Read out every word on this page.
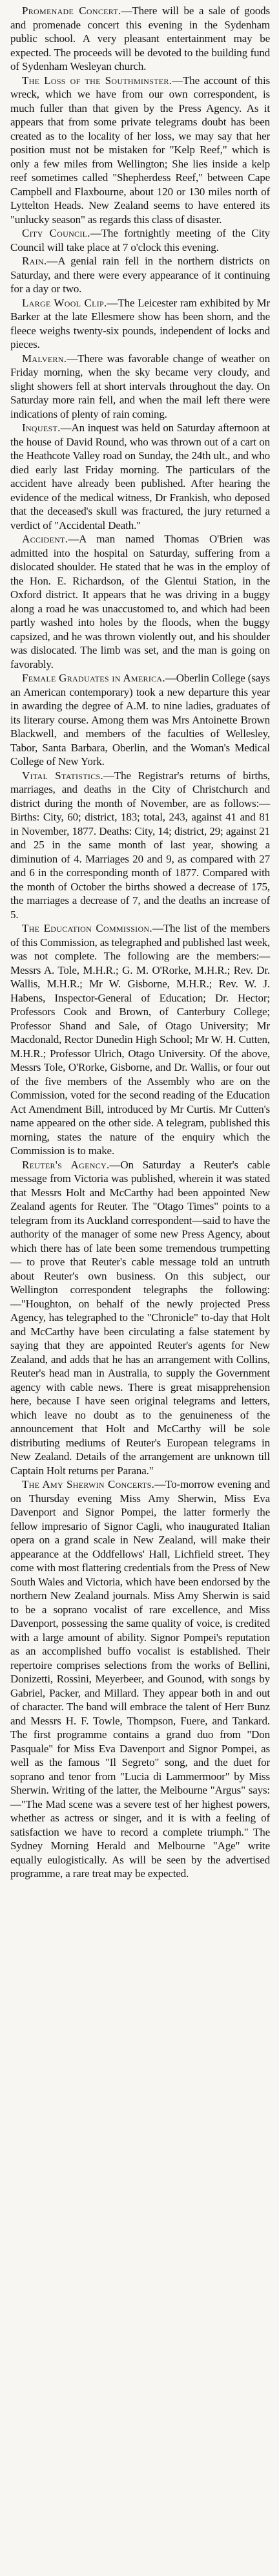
Promenade Concert.—There will be a sale of goods and promenade concert this evening in the Sydenham public school. A very pleasant entertainment may be expected. The proceeds will be devoted to the building fund of Sydenham Wesleyan church.

The Loss of the Southminster.—The account of this wreck, which we have from our own correspondent, is much fuller than that given by the Press Agency. As it appears that from some private telegrams doubt has been created as to the locality of her loss, we may say that her position must not be mistaken for "Kelp Reef," which is only a few miles from Wellington; She lies inside a kelp reef sometimes called "Shepherdess Reef," between Cape Campbell and Flaxbourne, about 120 or 130 miles north of Lyttelton Heads. New Zealand seems to have entered its "unlucky season" as regards this class of disaster.

City Council.—The fortnightly meeting of the City Council will take place at 7 o'clock this evening.

Rain.—A genial rain fell in the northern districts on Saturday, and there were every appearance of it continuing for a day or two.

Large Wool Clip.—The Leicester ram exhibited by Mr Barker at the late Ellesmere show has been shorn, and the fleece weighs twenty-six pounds, independent of locks and pieces.

Malvern.—There was favorable change of weather on Friday morning, when the sky became very cloudy, and slight showers fell at short intervals throughout the day. On Saturday more rain fell, and when the mail left there were indications of plenty of rain coming.

Inquest.—An inquest was held on Saturday afternoon at the house of David Round, who was thrown out of a cart on the Heathcote Valley road on Sunday, the 24th ult., and who died early last Friday morning. The particulars of the accident have already been published. After hearing the evidence of the medical witness, Dr Frankish, who deposed that the deceased's skull was fractured, the jury returned a verdict of "Accidental Death."

Accident.—A man named Thomas O'Brien was admitted into the hospital on Saturday, suffering from a dislocated shoulder. He stated that he was in the employ of the Hon. E. Richardson, of the Glentui Station, in the Oxford district. It appears that he was driving in a buggy along a road he was unaccustomed to, and which had been partly washed into holes by the floods, when the buggy capsized, and he was thrown violently out, and his shoulder was dislocated. The limb was set, and the man is going on favorably.

Female Graduates in America.—Oberlin College (says an American contemporary) took a new departure this year in awarding the degree of A.M. to nine ladies, graduates of its literary course. Among them was Mrs Antoinette Brown Blackwell, and members of the faculties of Wellesley, Tabor, Santa Barbara, Oberlin, and the Woman's Medical College of New York.

Vital Statistics.—The Registrar's returns of births, marriages, and deaths in the City of Christchurch and district during the month of November, are as follows:—Births: City, 60; district, 183; total, 243, against 41 and 81 in November, 1877. Deaths: City, 14; district, 29; against 21 and 25 in the same month of last year, showing a diminution of 4. Marriages 20 and 9, as compared with 27 and 6 in the corresponding month of 1877. Compared with the month of October the births showed a decrease of 175, the marriages a decrease of 7, and the deaths an increase of 5.

The Education Commission.—The list of the members of this Commission, as telegraphed and published last week, was not complete. The following are the members:—Messrs A. Tole, M.H.R.; G. M. O'Rorke, M.H.R.; Rev. Dr. Wallis, M.H.R.; Mr W. Gisborne, M.H.R.; Rev. W. J. Habens, Inspector-General of Education; Dr. Hector; Professors Cook and Brown, of Canterbury College; Professor Shand and Sale, of Otago University; Mr Macdonald, Rector Dunedin High School; Mr W. H. Cutten, M.H.R.; Professor Ulrich, Otago University. Of the above, Messrs Tole, O'Rorke, Gisborne, and Dr. Wallis, or four out of the five members of the Assembly who are on the Commission, voted for the second reading of the Education Act Amendment Bill, introduced by Mr Curtis. Mr Cutten's name appeared on the other side. A telegram, published this morning, states the nature of the enquiry which the Commission is to make.

Reuter's Agency.—On Saturday a Reuter's cable message from Victoria was published, wherein it was stated that Messrs Holt and McCarthy had been appointed New Zealand agents for Reuter. The "Otago Times" points to a telegram from its Auckland correspondent—said to have the authority of the manager of some new Press Agency, about which there has of late been some tremendous trumpetting — to prove that Reuter's cable message told an untruth about Reuter's own business. On this subject, our Wellington correspondent telegraphs the following:—"Houghton, on behalf of the newly projected Press Agency, has telegraphed to the "Chronicle" to-day that Holt and McCarthy have been circulating a false statement by saying that they are appointed Reuter's agents for New Zealand, and adds that he has an arrangement with Collins, Reuter's head man in Australia, to supply the Government agency with cable news. There is great misapprehension here, because I have seen original telegrams and letters, which leave no doubt as to the genuineness of the announcement that Holt and McCarthy will be sole distributing mediums of Reuter's European telegrams in New Zealand. Details of the arrangement are unknown till Captain Holt returns per Parana."

The Amy Sherwin Concerts.—To-morrow evening and on Thursday evening Miss Amy Sherwin, Miss Eva Davenport and Signor Pompei, the latter formerly the fellow impresario of Signor Cagli, who inaugurated Italian opera on a grand scale in New Zealand, will make their appearance at the Oddfellows' Hall, Lichfield street. They come with most flattering credentials from the Press of New South Wales and Victoria, which have been endorsed by the northern New Zealand journals. Miss Amy Sherwin is said to be a soprano vocalist of rare excellence, and Miss Davenport, possessing the same quality of voice, is credited with a large amount of ability. Signor Pompei's reputation as an accomplished buffo vocalist is established. Their repertoire comprises selections from the works of Bellini, Donizetti, Rossini, Meyerbeer, and Gounod, with songs by Gabriel, Packer, and Millard. They appear both in and out of character. The band will embrace the talent of Herr Bunz and Messrs H. F. Towle, Thompson, Fuere, and Tankard. The first programme contains a grand duo from "Don Pasquale" for Miss Eva Davenport and Signor Pompei, as well as the famous "Il Segreto" song, and the duet for soprano and tenor from "Lucia di Lammermoor" by Miss Sherwin. Writing of the latter, the Melbourne "Argus" says:—"The Mad scene was a severe test of her highest powers, whether as actress or singer, and it is with a feeling of satisfaction we have to record a complete triumph." The Sydney Morning Herald and Melbourne "Age" write equally eulogistically. As will be seen by the advertised programme, a rare treat may be expected.
